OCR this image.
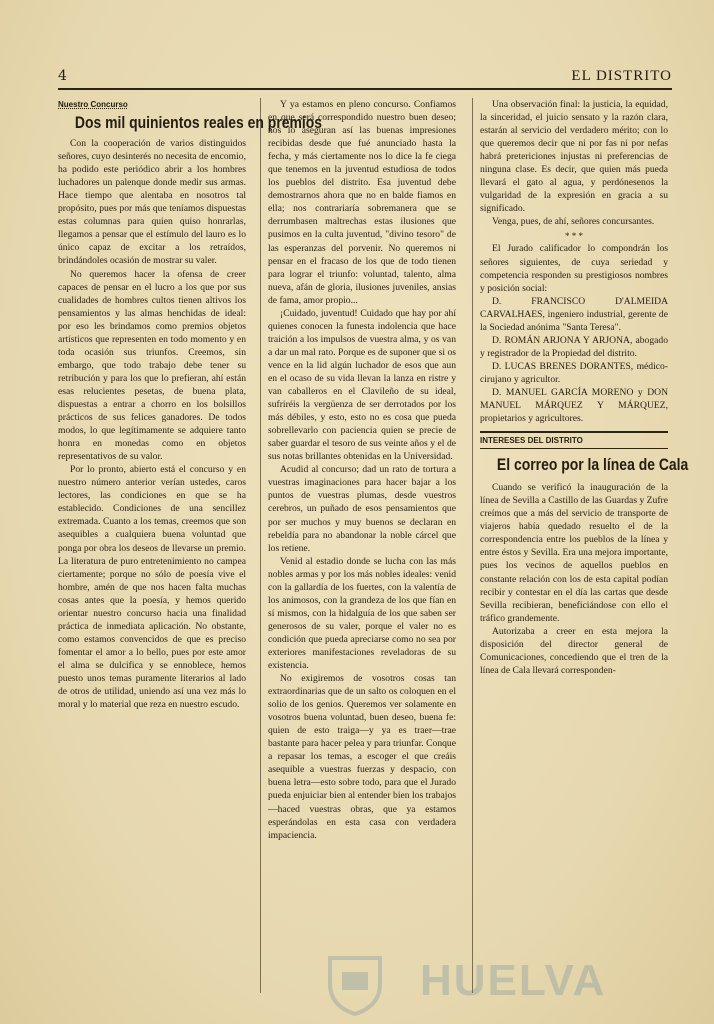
4	EL DISTRITO

Nuestro Concurso

Dos mil quinientos reales en premios

Con la cooperación de varios distinguidos señores, cuyo desinterés no necesita de encomio, ha podido este periódico abrir a los hombres luchadores un palenque donde medir sus armas. Hace tiempo que alentaba en nosotros tal propósito, pues por más que teníamos dispuestas estas columnas para quien quiso honrarlas, llegamos a pensar que el estímulo del lauro es lo único capaz de excitar a los retraídos, brindándoles ocasión de mostrar su valer.

No queremos hacer la ofensa de creer capaces de pensar en el lucro a los que por sus cualidades de hombres cultos tienen altivos los pensamientos y las almas henchidas de ideal: por eso les brindamos como premios objetos artísticos que representen en todo momento y en toda ocasión sus triunfos. Creemos, sin embargo, que todo trabajo debe tener su retribución y para los que lo prefieran, ahí están esas relucientes pesetas, de buena plata, dispuestas a entrar a chorro en los bolsillos prácticos de sus felices ganadores. De todos modos, lo que legítimamente se adquiere tanto honra en monedas como en objetos representativos de su valor.

Por lo pronto, abierto está el concurso y en nuestro número anterior verían ustedes, caros lectores, las condiciones en que se ha establecido. Condiciones de una sencillez extremada. Cuanto a los temas, creemos que son asequibles a cualquiera buena voluntad que ponga por obra los deseos de llevarse un premio. La literatura de puro entretenimiento no campea ciertamente; porque no sólo de poesía vive el hombre, amén de que nos hacen falta muchas cosas antes que la poesía, y hemos querido orientar nuestro concurso hacia una finalidad práctica de inmediata aplicación. No obstante, como estamos convencidos de que es preciso fomentar el amor a lo bello, pues por este amor el alma se dulcifica y se ennoblece, hemos puesto unos temas puramente literarios al lado de otros de utilidad, uniendo así una vez más lo moral y lo material que reza en nuestro escudo.

Y ya estamos en pleno concurso. Confiamos en que será correspondido nuestro buen deseo; nos lo aseguran así las buenas impresiones recibidas desde que fué anunciado hasta la fecha, y más ciertamente nos lo dice la fe ciega que tenemos en la juventud estudiosa de todos los pueblos del distrito. Esa juventud debe demostrarnos ahora que no en balde fiamos en ella; nos contrariaría sobremanera que se derrumbasen maltrechas estas ilusiones que pusimos en la culta juventud, "divino tesoro" de las esperanzas del porvenir. No queremos ni pensar en el fracaso de los que de todo tienen para lograr el triunfo: voluntad, talento, alma nueva, afán de gloria, ilusiones juveniles, ansias de fama, amor propio...

¡Cuidado, juventud! Cuidado que hay por ahí quienes conocen la funesta indolencia que hace traición a los impulsos de vuestra alma, y os van a dar un mal rato. Porque es de suponer que si os vence en la lid algún luchador de esos que aun en el ocaso de su vida llevan la lanza en ristre y van caballeros en el Clavileño de su ideal, sufriréis la vergüenza de ser derrotados por los más débiles, y esto, esto no es cosa que pueda sobrellevarlo con paciencia quien se precie de saber guardar el tesoro de sus veinte años y el de sus notas brillantes obtenidas en la Universidad.

Acudid al concurso; dad un rato de tortura a vuestras imaginaciones para hacer bajar a los puntos de vuestras plumas, desde vuestros cerebros, un puñado de esos pensamientos que por ser muchos y muy buenos se declaran en rebeldía para no abandonar la noble cárcel que los retiene.

Venid al estadio donde se lucha con las más nobles armas y por los más nobles ideales: venid con la gallardía de los fuertes, con la valentía de los animosos, con la grandeza de los que fían en sí mismos, con la hidalguía de los que saben ser generosos de su valer, porque el valer no es condición que pueda apreciarse como no sea por exteriores manifestaciones reveladoras de su existencia.

No exigiremos de vosotros cosas tan extraordinarias que de un salto os coloquen en el solio de los genios. Queremos ver solamente en vosotros buena voluntad, buen deseo, buena fe: quien de esto traiga—y ya es traer—trae bastante para hacer pelea y para triunfar. Conque a repasar los temas, a escoger el que creáis asequible a vuestras fuerzas y despacio, con buena letra—esto sobre todo, para que el Jurado pueda enjuiciar bien al entender bien los trabajos—haced vuestras obras, que ya estamos esperándolas en esta casa con verdadera impaciencia.

Una observación final: la justicia, la equidad, la sinceridad, el juicio sensato y la razón clara, estarán al servicio del verdadero mérito; con lo que queremos decir que ni por fas ni por nefas habrá pretericiones injustas ni preferencias de ninguna clase. Es decir, que quien más pueda llevará el gato al agua, y perdónesenos la vulgaridad de la expresión en gracia a su significado.

Venga, pues, de ahí, señores concursantes.

* * *

El Jurado calificador lo compondrán los señores siguientes, de cuya seriedad y competencia responden su prestigiosos nombres y posición social:

D. FRANCISCO D'ALMEIDA CARVALHAES, ingeniero industrial, gerente de la Sociedad anónima "Santa Teresa".

D. ROMÁN ARJONA Y ARJONA, abogado y registrador de la Propiedad del distrito.

D. LUCAS BRENES DORANTES, médico-cirujano y agricultor.

D. MANUEL GARCÍA MORENO y DON MANUEL MÁRQUEZ Y MÁRQUEZ, propietarios y agricultores.

INTERESES DEL DISTRITO

El correo por la línea de Cala

Cuando se verificó la inauguración de la línea de Sevilla a Castillo de las Guardas y Zufre creímos que a más del servicio de transporte de viajeros había quedado resuelto el de la correspondencia entre los pueblos de la línea y entre éstos y Sevilla. Era una mejora importante, pues los vecinos de aquellos pueblos en constante relación con los de esta capital podían recibir y contestar en el día las cartas que desde Sevilla recibieran, beneficiándose con ello el tráfico grandemente.

Autorizaba a creer en esta mejora la disposición del director general de Comunicaciones, concediendo que el tren de la línea de Cala llevará corresponden-

HUELVA
